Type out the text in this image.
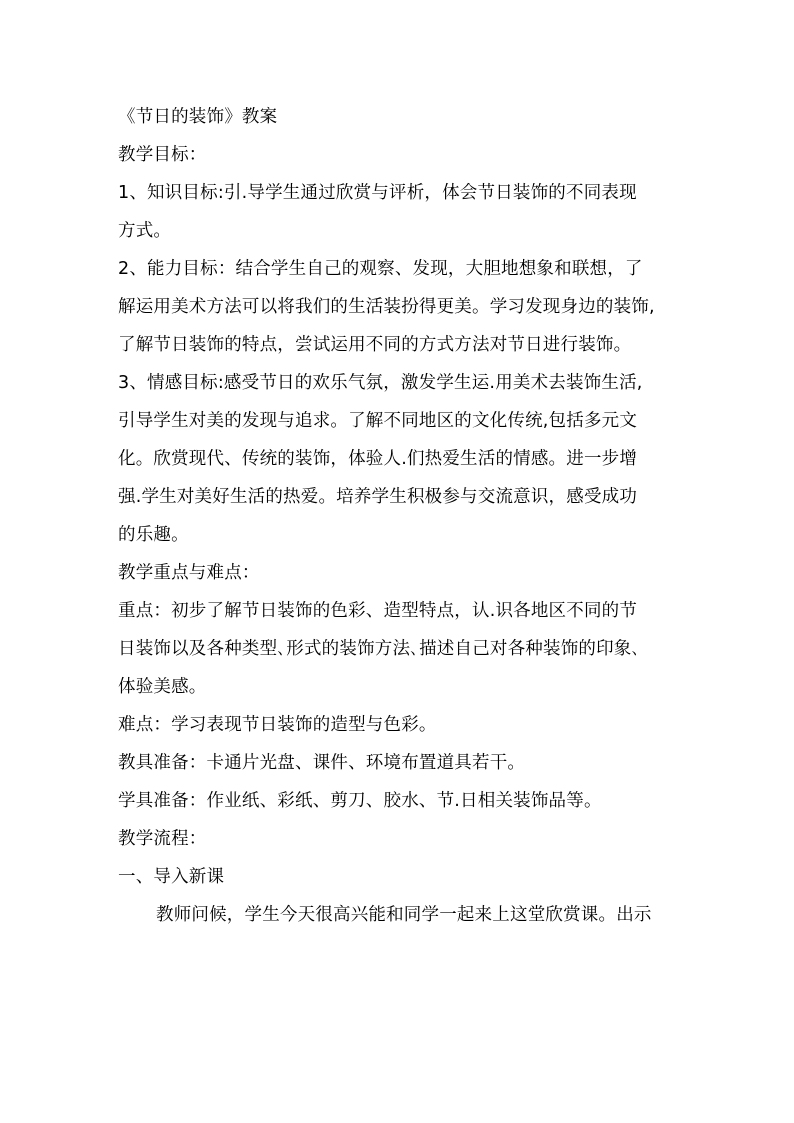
《节日的装饰》教案

教学目标：

1、知识目标:引.导学生通过欣赏与评析，体会节日装饰的不同表现

方式。

2、能力目标：结合学生自己的观察、发现，大胆地想象和联想，了

解运用美术方法可以将我们的生活装扮得更美。学习发现身边的装饰,

了解节日装饰的特点，尝试运用不同的方式方法对节日进行装饰。

3、情感目标:感受节日的欢乐气氛，激发学生运.用美术去装饰生活,

引导学生对美的发现与追求。了解不同地区的文化传统,包括多元文

化。欣赏现代、传统的装饰，体验人.们热爱生活的情感。进一步增

强.学生对美好生活的热爱。培养学生积极参与交流意识，感受成功

的乐趣。

教学重点与难点：

重点：初步了解节日装饰的色彩、造型特点，认.识各地区不同的节

日装饰以及各种类型､形式的装饰方法､描述自己对各种装饰的印象､

体验美感。

难点：学习表现节日装饰的造型与色彩。

教具准备：卡通片光盘、课件、环境布置道具若干。

学具准备：作业纸、彩纸、剪刀、胶水、节.日相关装饰品等。

教学流程：

一、导入新课

教师问候，学生今天很高兴能和同学一起来上这堂欣赏课。出示
